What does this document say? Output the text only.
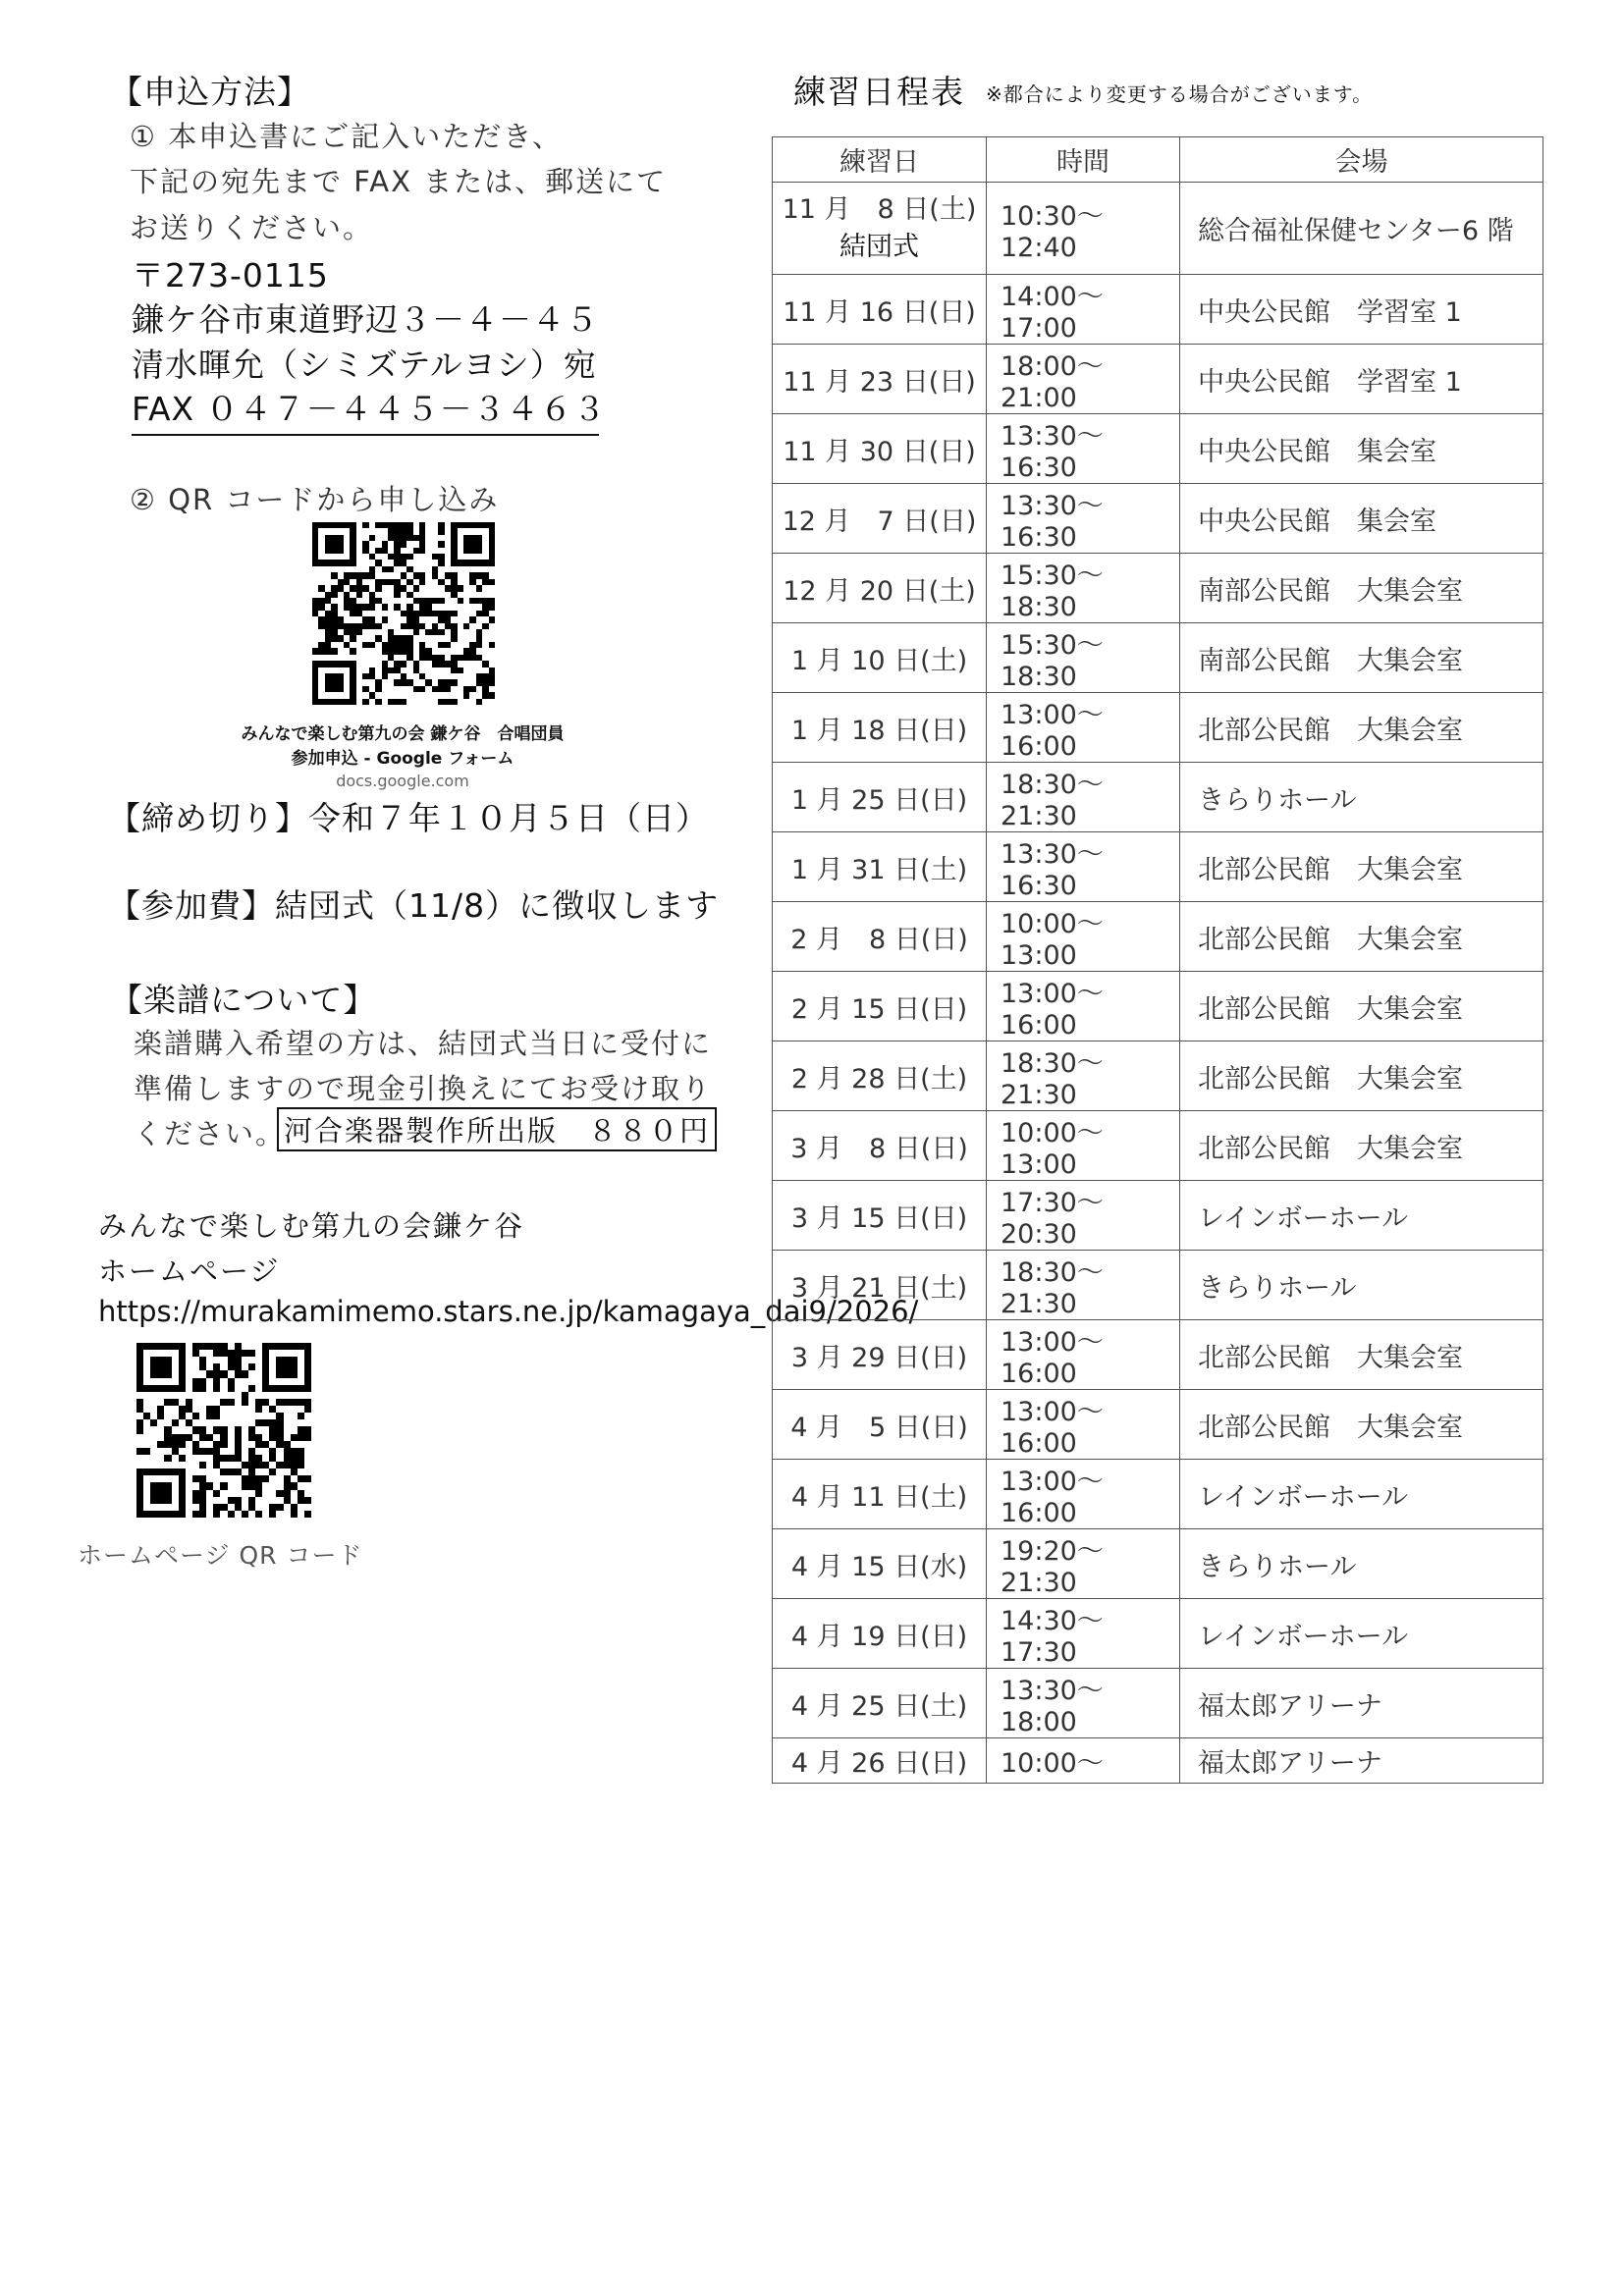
【申込方法】
① 本申込書にご記入いただき、
下記の宛先まで FAX または、郵送にて
お送りください。
〒273-0115
鎌ケ谷市東道野辺３－４－４５
清水暉允（シミズテルヨシ）宛
FAX ０４７－４４５－３４６３
② QR コードから申し込み
みんなで楽しむ第九の会 鎌ケ谷　合唱団員
参加申込 - Google フォーム
docs.google.com
【締め切り】令和７年１０月５日（日）
【参加費】結団式（11/8）に徴収します
【楽譜について】
楽譜購入希望の方は、結団式当日に受付に
準備しますので現金引換えにてお受け取り
ください。
河合楽器製作所出版　８８０円
みんなで楽しむ第九の会鎌ケ谷
ホームページ
https://murakamimemo.stars.ne.jp/kamagaya_dai9/2026/
ホームページ QR コード
練習日程表 ※都合により変更する場合がございます。
練習日	時間	会場

11 月　8 日(土)
結団式	10:30～12:40	総合福祉保健センター6 階
11 月 16 日(日)	14:00～17:00	中央公民館　学習室 1
11 月 23 日(日)	18:00～21:00	中央公民館　学習室 1
11 月 30 日(日)	13:30～16:30	中央公民館　集会室
12 月　7 日(日)	13:30～16:30	中央公民館　集会室
12 月 20 日(土)	15:30～18:30	南部公民館　大集会室
1 月 10 日(土)	15:30～18:30	南部公民館　大集会室
1 月 18 日(日)	13:00～16:00	北部公民館　大集会室
1 月 25 日(日)	18:30～21:30	きらりホール
1 月 31 日(土)	13:30～16:30	北部公民館　大集会室
2 月　8 日(日)	10:00～13:00	北部公民館　大集会室
2 月 15 日(日)	13:00～16:00	北部公民館　大集会室
2 月 28 日(土)	18:30～21:30	北部公民館　大集会室
3 月　8 日(日)	10:00～13:00	北部公民館　大集会室
3 月 15 日(日)	17:30～20:30	レインボーホール
3 月 21 日(土)	18:30～21:30	きらりホール
3 月 29 日(日)	13:00～16:00	北部公民館　大集会室
4 月　5 日(日)	13:00～16:00	北部公民館　大集会室
4 月 11 日(土)	13:00～16:00	レインボーホール
4 月 15 日(水)	19:20～21:30	きらりホール
4 月 19 日(日)	14:30～17:30	レインボーホール
4 月 25 日(土)	13:30～18:00	福太郎アリーナ
4 月 26 日(日)	10:00～	福太郎アリーナ
